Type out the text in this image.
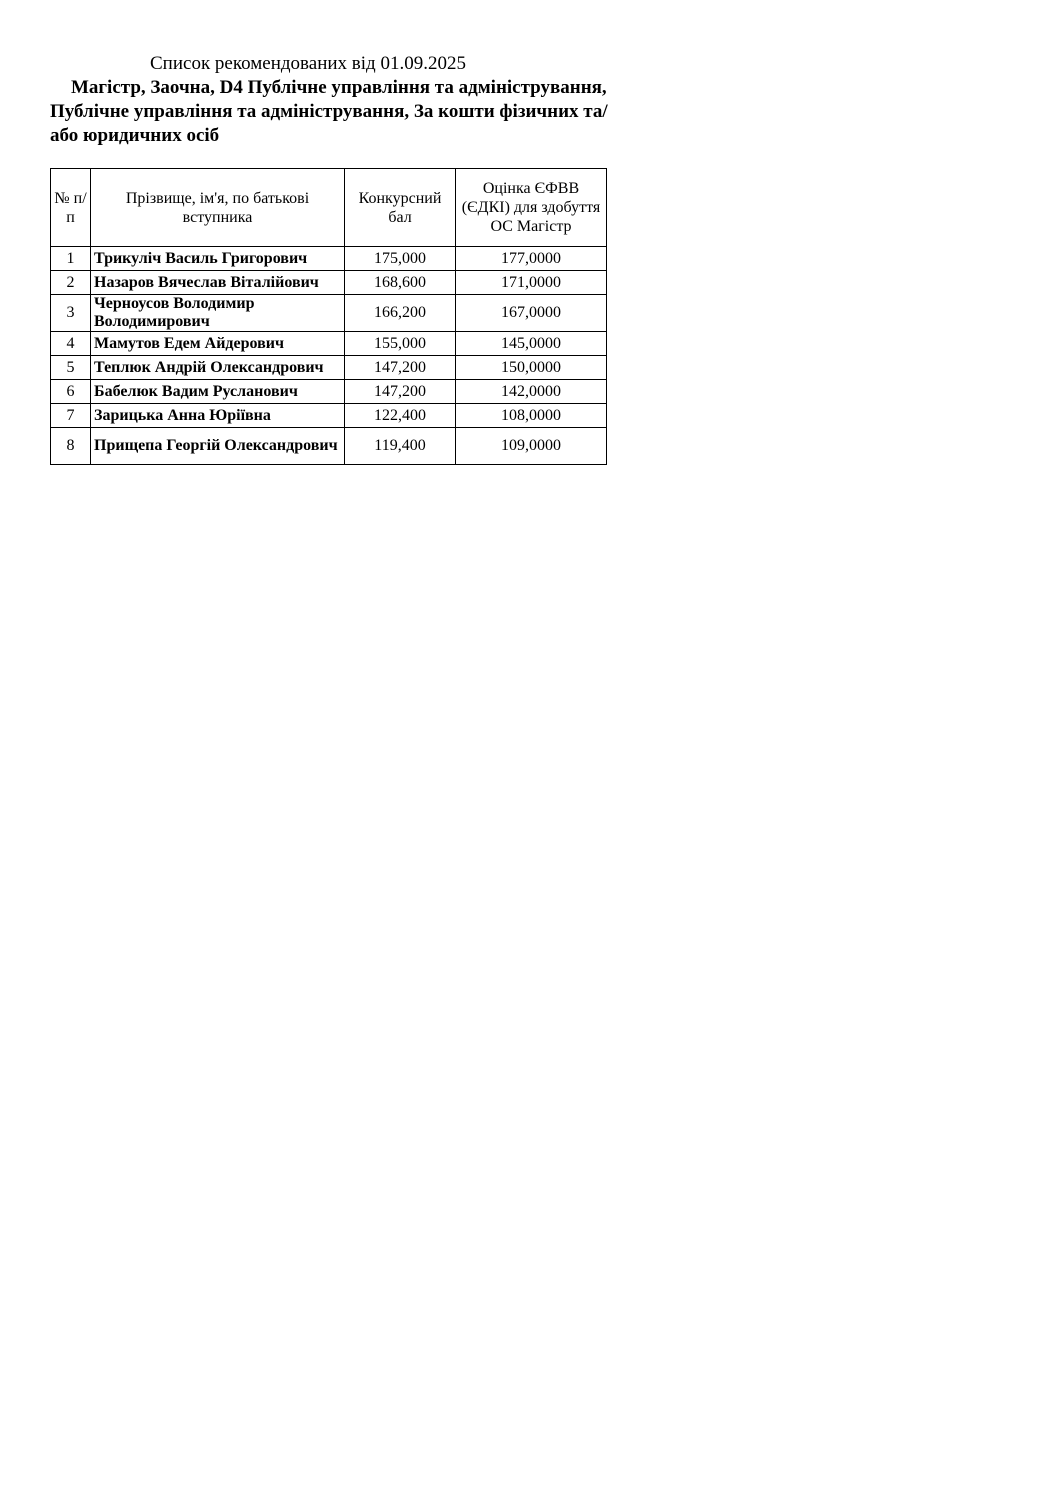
Список рекомендованих від 01.09.2025
Магістр, Заочна, D4 Публічне управління та адміністрування, Публічне управління та адміністрування, За кошти фізичних та/або юридичних осіб
№ п/п	Прізвище, ім'я, по батькові вступника	Конкурсний бал	Оцінка ЄФВВ (ЄДКІ) для здобуття ОС Магістр
1	Трикуліч Василь Григорович	175,000	177,0000
2	Назаров Вячеслав Віталійович	168,600	171,0000
3	Черноусов Володимир Володимирович	166,200	167,0000
4	Мамутов Едем Айдерович	155,000	145,0000
5	Теплюк Андрій Олександрович	147,200	150,0000
6	Бабелюк Вадим Русланович	147,200	142,0000
7	Зарицька Анна Юріївна	122,400	108,0000
8	Прищепа Георгій Олександрович	119,400	109,0000
